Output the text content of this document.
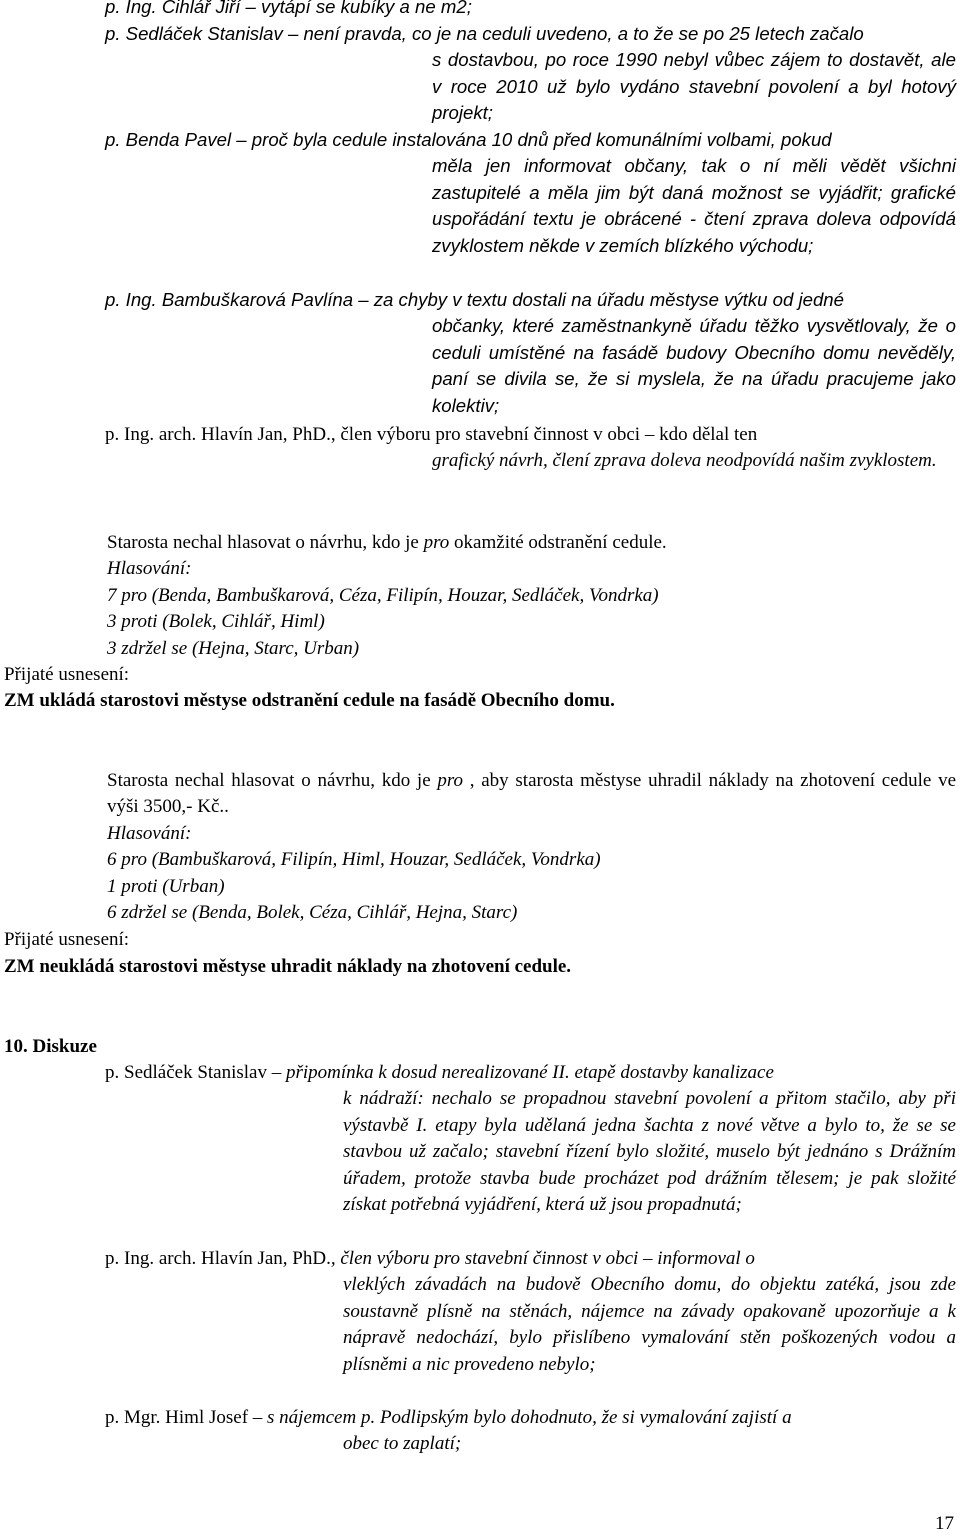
p. Ing. Cihlář Jiří – vytápí se kubíky a ne m2;
p. Sedláček Stanislav – není pravda, co je na ceduli uvedeno, a to že se po 25 letech začalo
s dostavbou, po roce 1990 nebyl vůbec zájem to dostavět, ale v roce 2010 už bylo vydáno stavební povolení a byl hotový projekt;
p. Benda Pavel – proč byla cedule instalována 10 dnů před komunálními volbami, pokud
měla jen informovat občany, tak o ní měli vědět všichni zastupitelé a měla jim být daná možnost se vyjádřit; grafické uspořádání textu je obrácené - čtení zprava doleva odpovídá zvyklostem někde v zemích blízkého východu;
p. Ing. Bambuškarová Pavlína – za chyby v textu dostali na úřadu městyse výtku od jedné
občanky, které zaměstnankyně úřadu těžko vysvětlovaly, že o ceduli umístěné na fasádě budovy Obecního domu nevěděly, paní se divila se, že si myslela, že na úřadu pracujeme jako kolektiv;
p. Ing. arch. Hlavín Jan, PhD., člen výboru pro stavební činnost v obci – kdo dělal ten
grafický návrh, člení zprava doleva neodpovídá našim zvyklostem.
Starosta nechal hlasovat o návrhu, kdo je pro okamžité odstranění cedule.
Hlasování:
7 pro (Benda, Bambuškarová, Céza, Filipín, Houzar, Sedláček, Vondrka)
3 proti (Bolek, Cihlář, Himl)
3 zdržel se (Hejna, Starc, Urban)
Přijaté usnesení:
ZM ukládá starostovi městyse odstranění cedule na fasádě Obecního domu.
Starosta nechal hlasovat o návrhu, kdo je pro , aby starosta městyse uhradil náklady na zhotovení cedule ve výši 3500,- Kč..
Hlasování:
6 pro (Bambuškarová, Filipín, Himl, Houzar, Sedláček, Vondrka)
1 proti (Urban)
6 zdržel se (Benda, Bolek, Céza, Cihlář, Hejna, Starc)
Přijaté usnesení:
ZM neukládá starostovi městyse uhradit náklady na zhotovení cedule.
10. Diskuze
p. Sedláček Stanislav – připomínka k dosud nerealizované II. etapě dostavby kanalizace
k nádraží: nechalo se propadnou stavební povolení a přitom stačilo, aby při výstavbě I. etapy byla udělaná jedna šachta z nové větve a bylo to, že se se stavbou už začalo; stavební řízení bylo složité, muselo být jednáno s Drážním úřadem, protože stavba bude procházet pod drážním tělesem; je pak složité získat potřebná vyjádření, která už jsou propadnutá;
p. Ing. arch. Hlavín Jan, PhD., člen výboru pro stavební činnost v obci – informoval o
vleklých závadách na budově Obecního domu, do objektu zatéká, jsou zde soustavně plísně na stěnách, nájemce na závady opakovaně upozorňuje a k nápravě nedochází, bylo přislíbeno vymalování stěn poškozených vodou a plísněmi a nic provedeno nebylo;
p. Mgr. Himl Josef – s nájemcem p. Podlipským bylo dohodnuto, že si vymalování zajistí a
obec to zaplatí;
17
